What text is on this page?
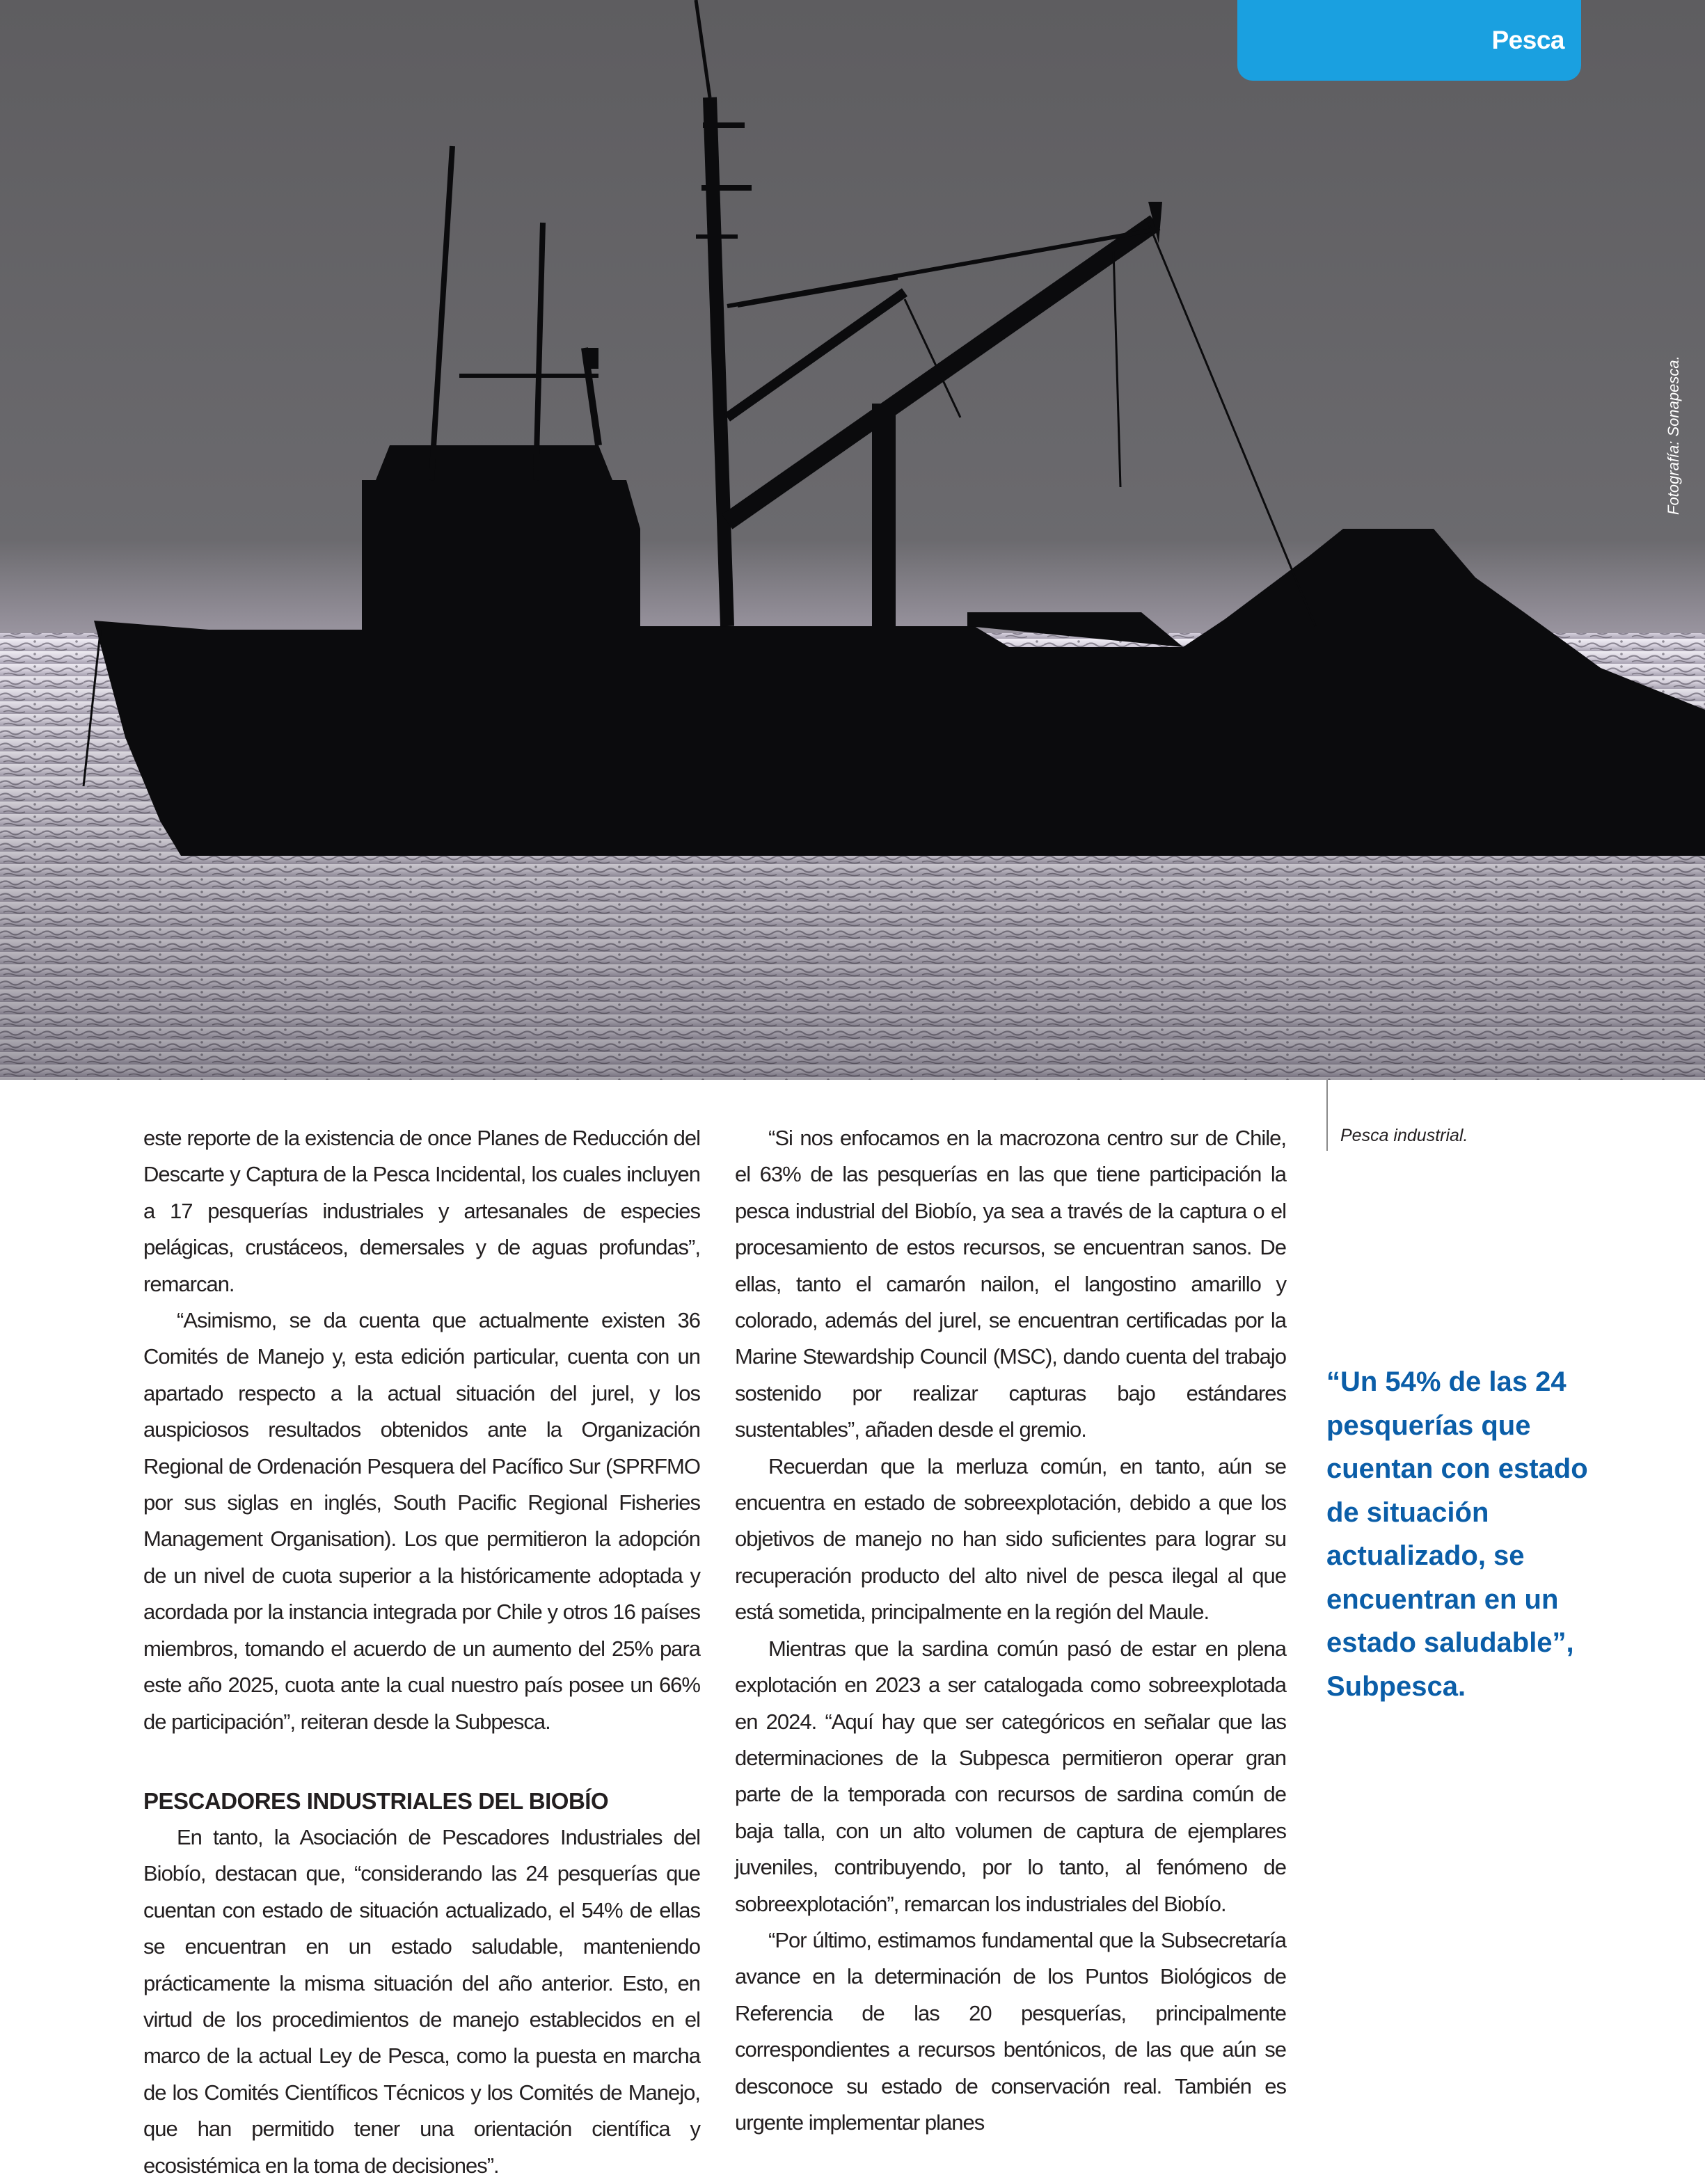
Pesca
Fotografía: Sonapesca.

este reporte de la existencia de once Planes de Reducción del Descarte y Captura de la Pesca Incidental, los cuales incluyen a 17 pesquerías industriales y artesanales de especies pelágicas, crustáceos, demersales y de aguas profundas”, remarcan.

“Asimismo, se da cuenta que actualmente existen 36 Comités de Manejo y, esta edición particular, cuenta con un apartado respecto a la actual situación del jurel, y los auspiciosos resultados obtenidos ante la Organización Regional de Ordenación Pesquera del Pacífico Sur (SPRFMO por sus siglas en inglés, South Pacific Regional Fisheries Management Organisation). Los que permitieron la adopción de un nivel de cuota superior a la históricamente adoptada y acordada por la instancia integrada por Chile y otros 16 países miembros, tomando el acuerdo de un aumento del 25% para este año 2025, cuota ante la cual nuestro país posee un 66% de participación”, reiteran desde la Subpesca.

PESCADORES INDUSTRIALES DEL BIOBÍO

En tanto, la Asociación de Pescadores Industriales del Biobío, destacan que, “considerando las 24 pesquerías que cuentan con estado de situación actualizado, el 54% de ellas se encuentran en un estado saludable, manteniendo prácticamente la misma situación del año anterior. Esto, en virtud de los procedimientos de manejo establecidos en el marco de la actual Ley de Pesca, como la puesta en marcha de los Comités Científicos Técnicos y los Comités de Manejo, que han permitido tener una orientación científica y ecosistémica en la toma de decisiones”.

“Si nos enfocamos en la macrozona centro sur de Chile, el 63% de las pesquerías en las que tiene participación la pesca industrial del Biobío, ya sea a través de la captura o el procesamiento de estos recursos, se encuentran sanos. De ellas, tanto el camarón nailon, el langostino amarillo y colorado, además del jurel, se encuentran certificadas por la Marine Stewardship Council (MSC), dando cuenta del trabajo sostenido por realizar capturas bajo estándares sustentables”, añaden desde el gremio.

Recuerdan que la merluza común, en tanto, aún se encuentra en estado de sobreexplotación, debido a que los objetivos de manejo no han sido suficientes para lograr su recuperación producto del alto nivel de pesca ilegal al que está sometida, principalmente en la región del Maule.

Mientras que la sardina común pasó de estar en plena explotación en 2023 a ser catalogada como sobreexplotada en 2024. “Aquí hay que ser categóricos en señalar que las determinaciones de la Subpesca permitieron operar gran parte de la temporada con recursos de sardina común de baja talla, con un alto volumen de captura de ejemplares juveniles, contribuyendo, por lo tanto, al fenómeno de sobreexplotación”, remarcan los industriales del Biobío.

“Por último, estimamos fundamental que la Subsecretaría avance en la determinación de los Puntos Biológicos de Referencia de las 20 pesquerías, principalmente correspondientes a recursos bentónicos, de las que aún se desconoce su estado de conservación real. También es urgente implementar planes

Pesca industrial.

“Un 54% de las 24 pesquerías que cuentan con estado de situación actualizado, se encuentran en un estado saludable”, Subpesca.
